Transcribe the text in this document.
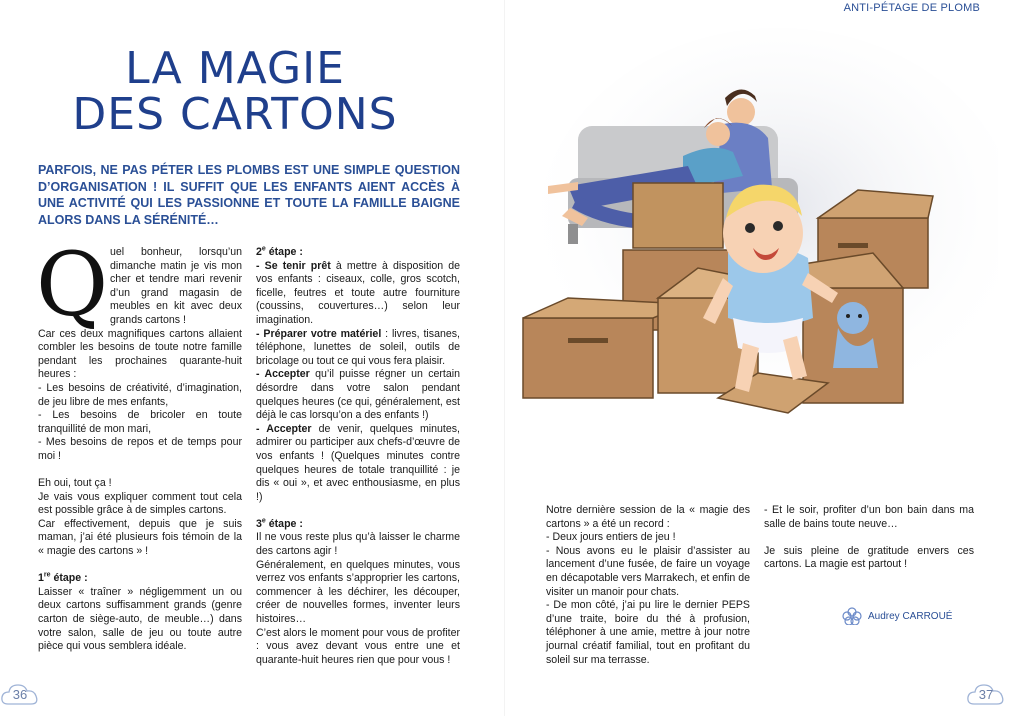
ANTI-PÉTAGE DE PLOMB
LA MAGIE
DES CARTONS

PARFOIS, NE PAS PÉTER LES PLOMBS EST UNE SIMPLE QUESTION D’ORGANISATION ! IL SUFFIT QUE LES ENFANTS AIENT ACCÈS À UNE ACTIVITÉ QUI LES PASSIONNE ET TOUTE LA FAMILLE BAIGNE ALORS DANS LA SÉRÉNITÉ…

Q uel bonheur, lorsqu’un dimanche matin je vis mon cher et tendre mari revenir d’un grand magasin de meubles en kit avec deux grands cartons !

Car ces deux magnifiques cartons allaient combler les besoins de toute notre famille pendant les prochaines quarante-huit heures :

- Les besoins de créativité, d’imagination, de jeu libre de mes enfants,

- Les besoins de bricoler en toute tranquillité de mon mari,

- Mes besoins de repos et de temps pour moi !

Eh oui, tout ça !

Je vais vous expliquer comment tout cela est possible grâce à de simples cartons.

Car effectivement, depuis que je suis maman, j’ai été plusieurs fois témoin de la « magie des cartons » !

1re étape :

Laisser « traîner » négligemment un ou deux cartons suffisamment grands (genre carton de siège-auto, de meuble…) dans votre salon, salle de jeu ou toute autre pièce qui vous semblera idéale.

2e étape :

- Se tenir prêt à mettre à disposition de vos enfants : ciseaux, colle, gros scotch, ficelle, feutres et toute autre fourniture (coussins, couvertures…) selon leur imagination.

- Préparer votre matériel : livres, tisanes, téléphone, lunettes de soleil, outils de bricolage ou tout ce qui vous fera plaisir.

- Accepter qu’il puisse régner un certain désordre dans votre salon pendant quelques heures (ce qui, généralement, est déjà le cas lorsqu’on a des enfants !)

- Accepter de venir, quelques minutes, admirer ou participer aux chefs-d’œuvre de vos enfants ! (Quelques minutes contre quelques heures de totale tranquillité : je dis « oui », et avec enthousiasme, en plus !)

3e étape :

Il ne vous reste plus qu’à laisser le charme des cartons agir !

Généralement, en quelques minutes, vous verrez vos enfants s’approprier les cartons, commencer à les déchirer, les découper, créer de nouvelles formes, inventer leurs histoires…

C’est alors le moment pour vous de profiter : vous avez devant vous entre une et quarante-huit heures rien que pour vous !

Notre dernière session de la « magie des cartons » a été un record :

- Deux jours entiers de jeu !

- Nous avons eu le plaisir d’assister au lancement d’une fusée, de faire un voyage en décapotable vers Marrakech, et enfin de visiter un manoir pour chats.

- De mon côté, j’ai pu lire le dernier PEPS d’une traite, boire du thé à profusion, téléphoner à une amie, mettre à jour notre journal créatif familial, tout en profitant du soleil sur ma terrasse.

- Et le soir, profiter d’un bon bain dans ma salle de bains toute neuve…

Je suis pleine de gratitude envers ces cartons. La magie est partout !

Audrey CARROUÉ
36	37
